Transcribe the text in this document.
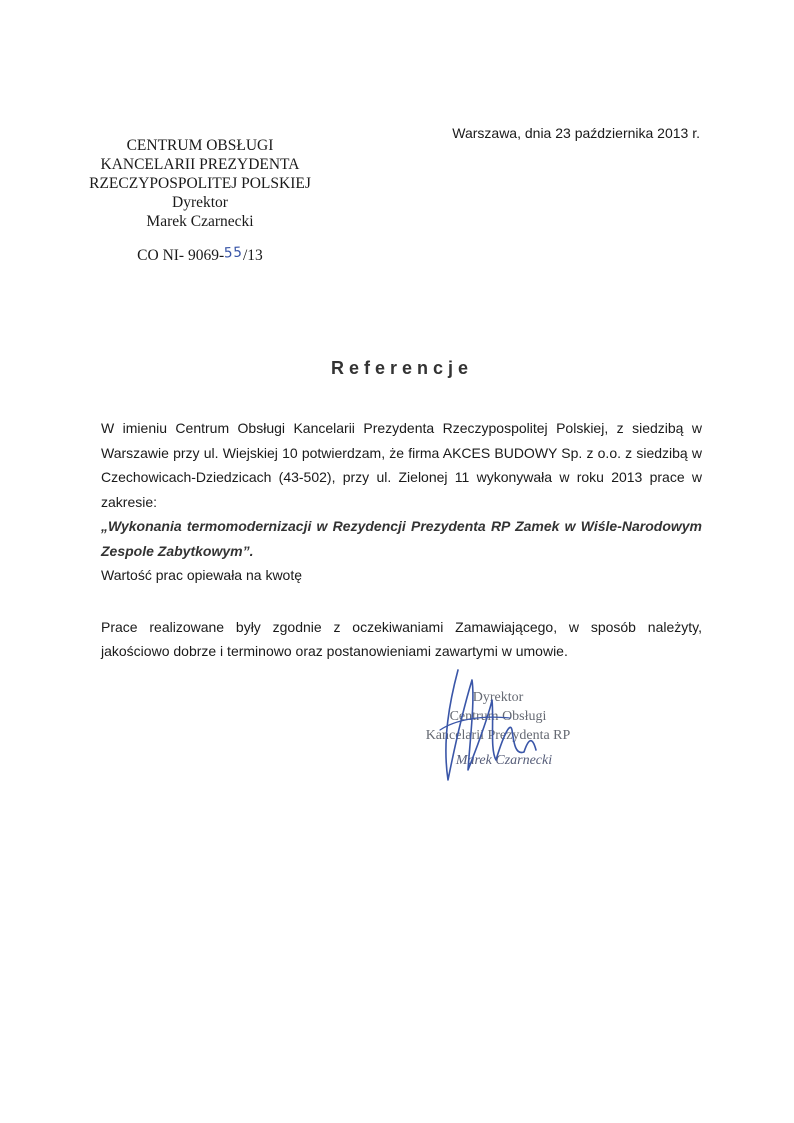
Warszawa, dnia 23 października 2013 r.
CENTRUM OBSŁUGI
KANCELARII PREZYDENTA
RZECZYPOSPOLITEJ POLSKIEJ
Dyrektor
Marek Czarnecki
CO NI- 9069-55/13
Referencje

W imieniu Centrum Obsługi Kancelarii Prezydenta Rzeczypospolitej Polskiej, z siedzibą w Warszawie przy ul. Wiejskiej 10 potwierdzam, że firma AKCES BUDOWY Sp. z o.o. z siedzibą w Czechowicach-Dziedzicach (43-502), przy ul. Zielonej 11 wykonywała w roku 2013 prace w zakresie:

„Wykonania termomodernizacji w Rezydencji Prezydenta RP Zamek w Wiśle-Narodowym Zespole Zabytkowym”.

Wartość prac opiewała na kwotę

Prace realizowane były zgodnie z oczekiwaniami Zamawiającego, w sposób należyty, jakościowo dobrze i terminowo oraz postanowieniami zawartymi w umowie.

Dyrektor
Centrum Obsługi
Kancelarii Prezydenta RP
Marek Czarnecki
